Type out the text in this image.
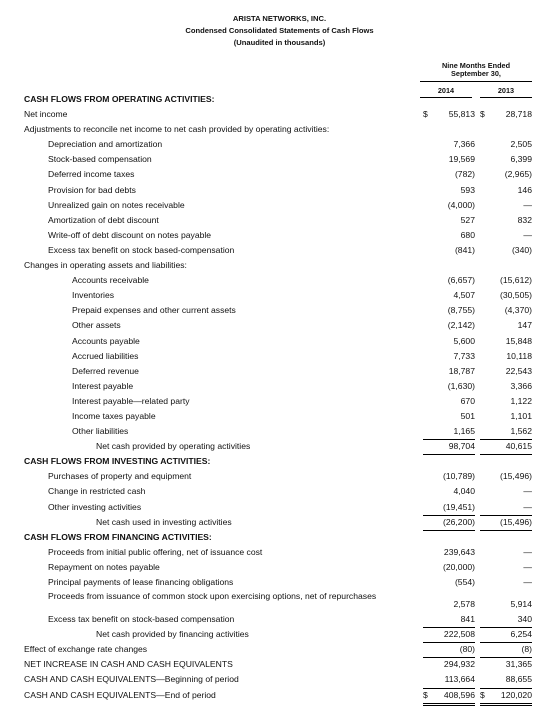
ARISTA NETWORKS, INC.
Condensed Consolidated Statements of Cash Flows
(Unaudited in thousands)
Nine Months Ended
September 30,
2014	2013
CASH FLOWS FROM OPERATING ACTIVITIES:
Net income	$ 55,813 $ 28,718
Adjustments to reconcile net income to net cash provided by operating activities:
Depreciation and amortization	7,366	2,505
Stock-based compensation	19,569	6,399
Deferred income taxes	(782)	(2,965)
Provision for bad debts	593	146
Unrealized gain on notes receivable	(4,000)	—
Amortization of debt discount	527	832
Write-off of debt discount on notes payable	680	—
Excess tax benefit on stock based-compensation	(841)	(340)
Changes in operating assets and liabilities:
Accounts receivable	(6,657)	(15,612)
Inventories	4,507	(30,505)
Prepaid expenses and other current assets	(8,755)	(4,370)
Other assets	(2,142)	147
Accounts payable	5,600	15,848
Accrued liabilities	7,733	10,118
Deferred revenue	18,787	22,543
Interest payable	(1,630)	3,366
Interest payable—related party	670	1,122
Income taxes payable	501	1,101
Other liabilities	1,165	1,562
Net cash provided by operating activities	98,704	40,615
CASH FLOWS FROM INVESTING ACTIVITIES:
Purchases of property and equipment	(10,789)	(15,496)
Change in restricted cash	4,040	—
Other investing activities	(19,451)	—
Net cash used in investing activities	(26,200)	(15,496)
CASH FLOWS FROM FINANCING ACTIVITIES:
Proceeds from initial public offering, net of issuance cost	239,643	—
Repayment on notes payable	(20,000)	—
Principal payments of lease financing obligations	(554)	—
Proceeds from issuance of common stock upon exercising options, net of repurchases
2,578	5,914
Excess tax benefit on stock-based compensation	841	340
Net cash provided by financing activities	222,508	6,254
Effect of exchange rate changes	(80)	(8)
NET INCREASE IN CASH AND CASH EQUIVALENTS	294,932	31,365
CASH AND CASH EQUIVALENTS—Beginning of period	113,664	88,655
CASH AND CASH EQUIVALENTS—End of period	$ 408,596 $ 120,020
